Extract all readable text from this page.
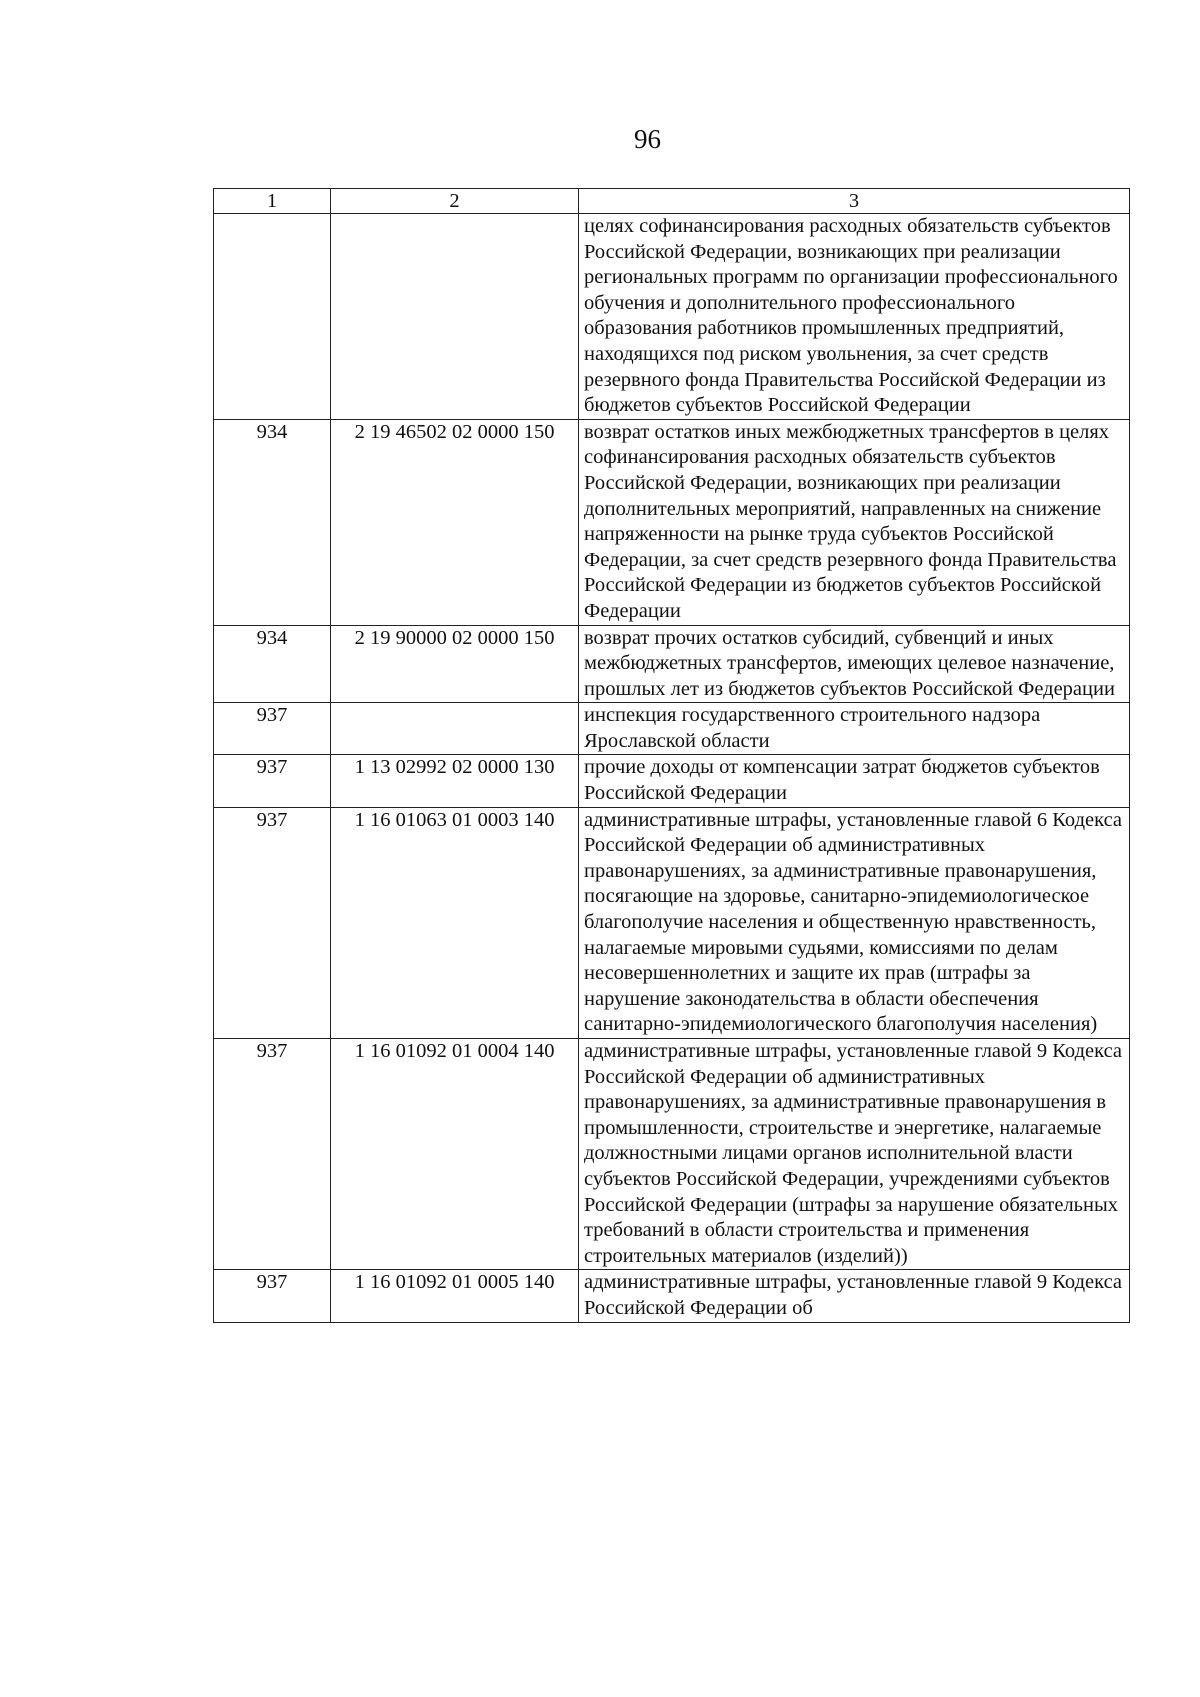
96
1	2	3
		целях софинансирования расходных обязательств субъектов Российской Федерации, возникающих при реализации региональных программ по организации профессионального обучения и дополнительного профессионального образования работников промышленных предприятий, находящихся под риском увольнения, за счет средств резервного фонда Правительства Российской Федерации из бюджетов субъектов Российской Федерации
934	2 19 46502 02 0000 150	возврат остатков иных межбюджетных трансфертов в целях софинансирования расходных обязательств субъектов Российской Федерации, возникающих при реализации дополнительных мероприятий, направленных на снижение напряженности на рынке труда субъектов Российской Федерации, за счет средств резервного фонда Правительства Российской Федерации из бюджетов субъектов Российской Федерации
934	2 19 90000 02 0000 150	возврат прочих остатков субсидий, субвенций и иных межбюджетных трансфертов, имеющих целевое назначение, прошлых лет из бюджетов субъектов Российской Федерации
937		инспекция государственного строительного надзора Ярославской области
937	1 13 02992 02 0000 130	прочие доходы от компенсации затрат бюджетов субъектов Российской Федерации
937	1 16 01063 01 0003 140	административные штрафы, установленные главой 6 Кодекса Российской Федерации об административных правонарушениях, за административные правонарушения, посягающие на здоровье, санитарно-эпидемиологическое благополучие населения и общественную нравственность, налагаемые мировыми судьями, комиссиями по делам несовершеннолетних и защите их прав (штрафы за нарушение законодательства в области обеспечения санитарно-эпидемиологического благополучия населения)
937	1 16 01092 01 0004 140	административные штрафы, установленные главой 9 Кодекса Российской Федерации об административных правонарушениях, за административные правонарушения в промышленности, строительстве и энергетике, налагаемые должностными лицами органов исполнительной власти субъектов Российской Федерации, учреждениями субъектов Российской Федерации (штрафы за нарушение обязательных требований в области строительства и применения строительных материалов (изделий))
937	1 16 01092 01 0005 140	административные штрафы, установленные главой 9 Кодекса Российской Федерации об
